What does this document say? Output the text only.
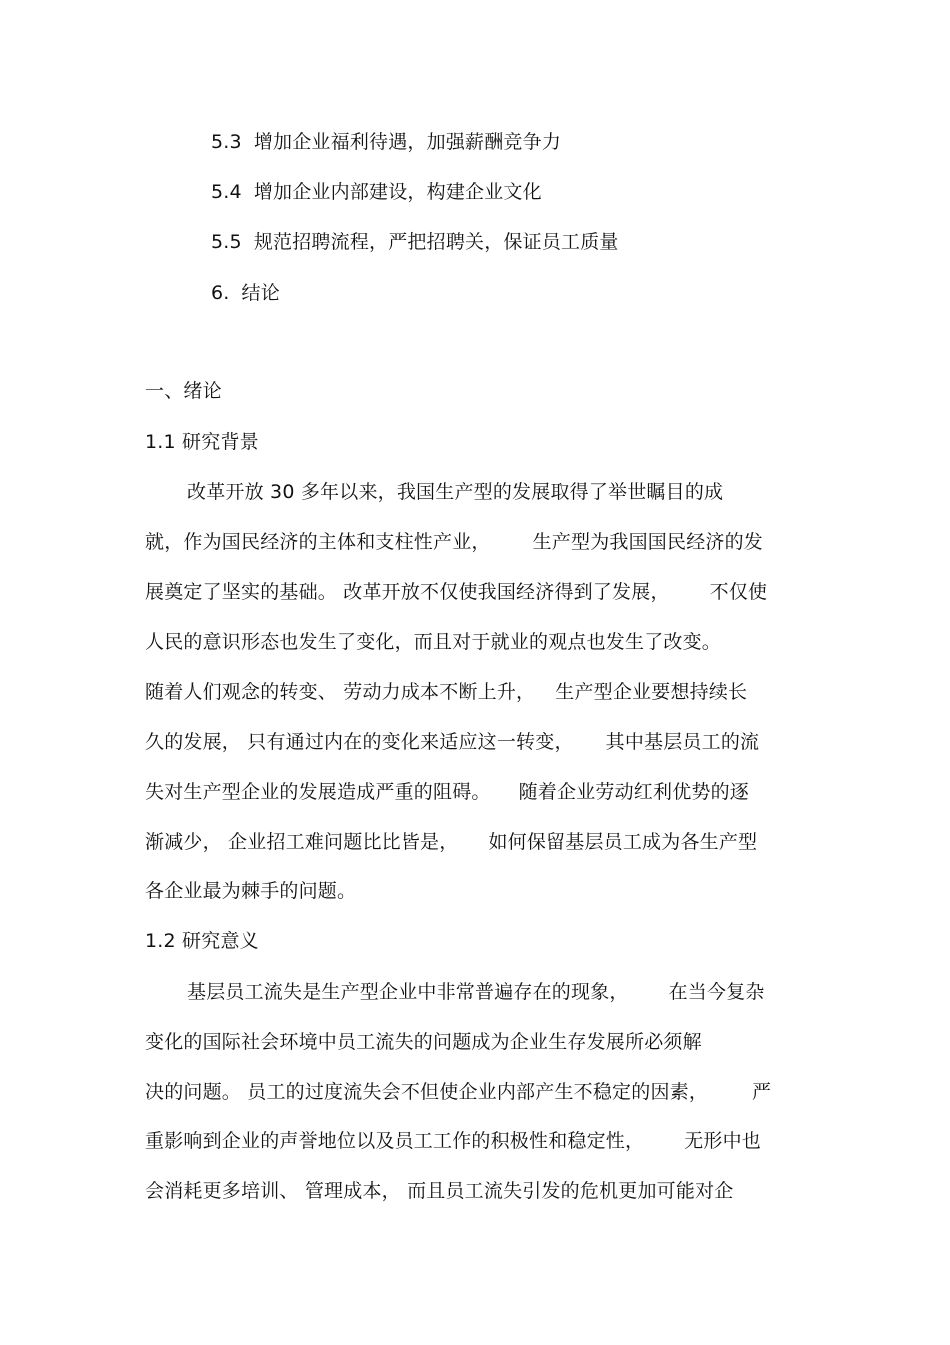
5.3 增加企业福利待遇，加强薪酬竞争力
5.4 增加企业内部建设，构建企业文化
5.5 规范招聘流程，严把招聘关，保证员工质量
6. 结论
一、绪论
1.1 研究背景
改革开放 30 多年以来，我国生产型的发展取得了举世瞩目的成
就，作为国民经济的主体和支柱性产业， 生产型为我国国民经济的发
展奠定了坚实的基础。 改革开放不仅使我国经济得到了发展， 不仅使
人民的意识形态也发生了变化，而且对于就业的观点也发生了改变。
随着人们观念的转变、 劳动力成本不断上升， 生产型企业要想持续长
久的发展， 只有通过内在的变化来适应这一转变， 其中基层员工的流
失对生产型企业的发展造成严重的阻碍。 随着企业劳动红利优势的逐
渐减少， 企业招工难问题比比皆是， 如何保留基层员工成为各生产型
各企业最为棘手的问题。
1.2 研究意义
基层员工流失是生产型企业中非常普遍存在的现象， 在当今复杂
变化的国际社会环境中员工流失的问题成为企业生存发展所必须解
决的问题。 员工的过度流失会不但使企业内部产生不稳定的因素， 严
重影响到企业的声誉地位以及员工工作的积极性和稳定性， 无形中也
会消耗更多培训、 管理成本， 而且员工流失引发的危机更加可能对企
